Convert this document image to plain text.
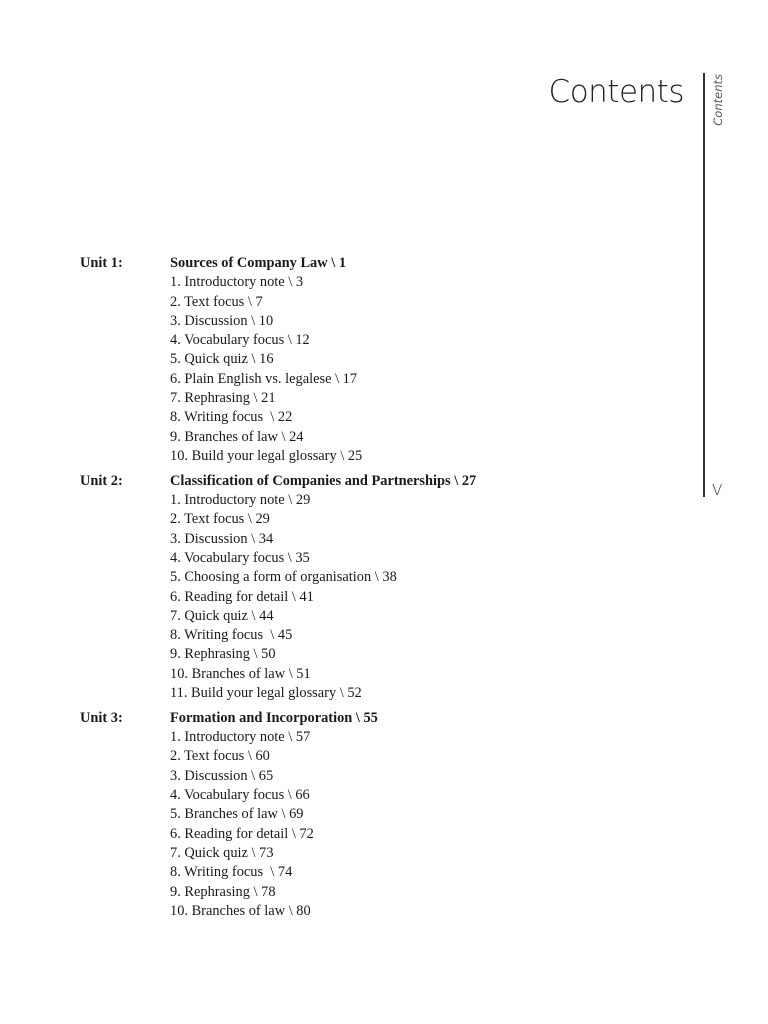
Contents Contents
V
Unit 1:	Sources of Company Law \ 1
1. Introductory note \ 3
2. Text focus \ 7
3. Discussion \ 10
4. Vocabulary focus \ 12
5. Quick quiz \ 16
6. Plain English vs. legalese \ 17
7. Rephrasing \ 21
8. Writing focus  \ 22
9. Branches of law \ 24
10. Build your legal glossary \ 25
Unit 2:	Classification of Companies and Partnerships \ 27
1. Introductory note \ 29
2. Text focus \ 29
3. Discussion \ 34
4. Vocabulary focus \ 35
5. Choosing a form of organisation \ 38
6. Reading for detail \ 41
7. Quick quiz \ 44
8. Writing focus  \ 45
9. Rephrasing \ 50
10. Branches of law \ 51
11. Build your legal glossary \ 52
Unit 3:	Formation and Incorporation \ 55
1. Introductory note \ 57
2. Text focus \ 60
3. Discussion \ 65
4. Vocabulary focus \ 66
5. Branches of law \ 69
6. Reading for detail \ 72
7. Quick quiz \ 73
8. Writing focus  \ 74
9. Rephrasing \ 78
10. Branches of law \ 80
